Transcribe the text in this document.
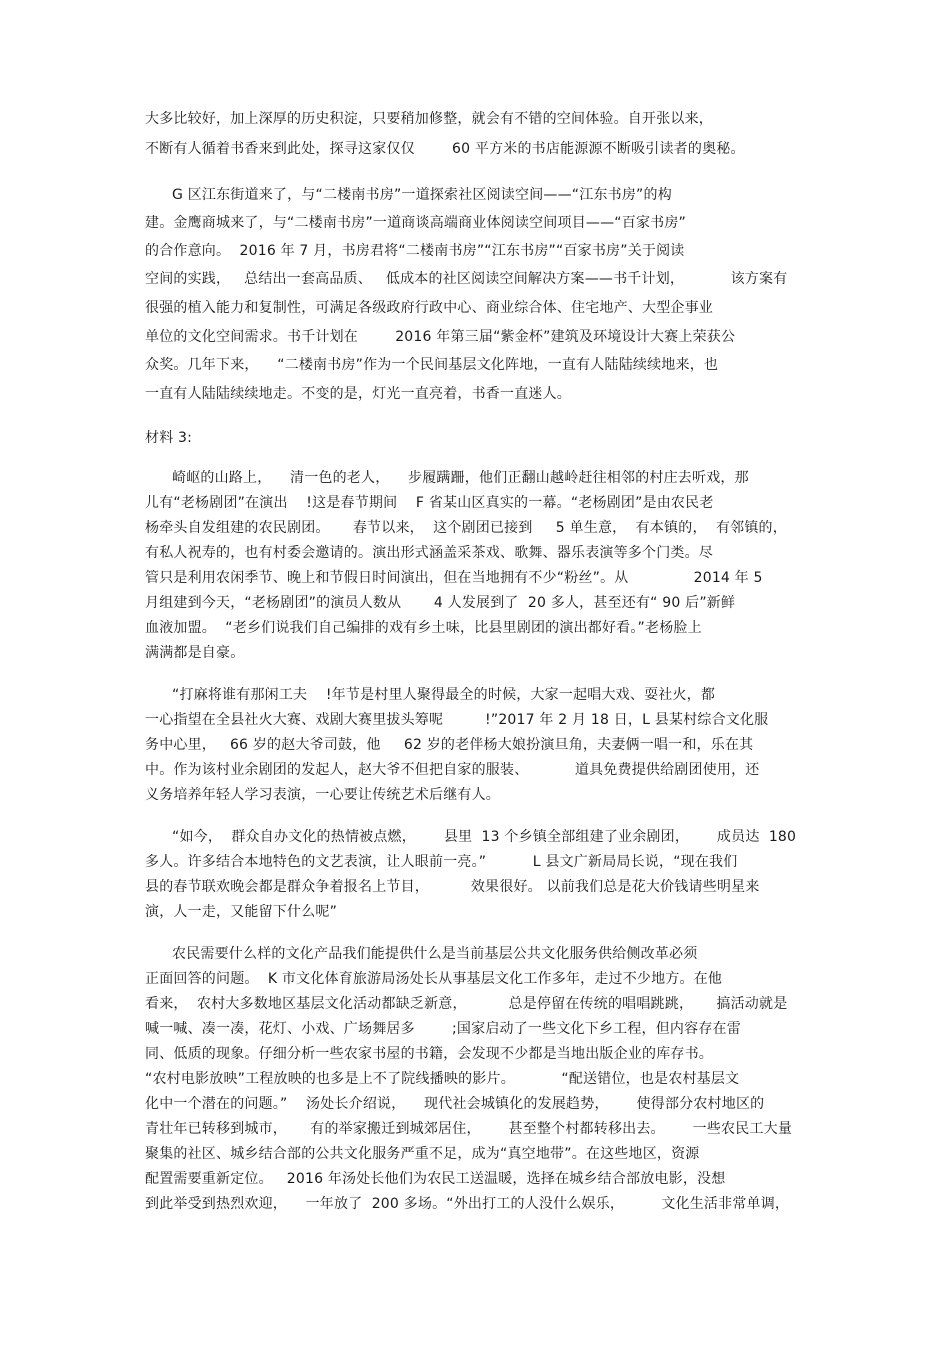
大多比较好，加上深厚的历史积淀，只要稍加修整，就会有不错的空间体验。自开张以来，
不断有人循着书香来到此处，探寻这家仅仅        60 平方米的书店能源源不断吸引读者的奥秘。
G 区江东街道来了，与“二楼南书房”一道探索社区阅读空间——“江东书房”的构
建。金鹰商城来了，与“二楼南书房”一道商谈高端商业体阅读空间项目——“百家书房”
的合作意向。  2016 年 7 月，书房君将“二楼南书房”“江东书房”“百家书房”关于阅读
空间的实践，   总结出一套高品质、   低成本的社区阅读空间解决方案——书千计划，          该方案有
很强的植入能力和复制性，可满足各级政府行政中心、商业综合体、住宅地产、大型企事业
单位的文化空间需求。书千计划在        2016 年第三届“紫金杯”建筑及环境设计大赛上荣获公
众奖。几年下来，    “二楼南书房”作为一个民间基层文化阵地，一直有人陆陆续续地来，也
一直有人陆陆续续地走。不变的是，灯光一直亮着，书香一直迷人。
材料 3:
崎岖的山路上，    清一色的老人，    步履蹒跚，他们正翻山越岭赶往相邻的村庄去听戏，那
儿有“老杨剧团”在演出    !这是春节期间    F 省某山区真实的一幕。“老杨剧团”是由农民老
杨牵头自发组建的农民剧团。     春节以来，  这个剧团已接到     5 单生意，  有本镇的，  有邻镇的，
有私人祝寿的，也有村委会邀请的。演出形式涵盖采茶戏、歌舞、器乐表演等多个门类。尽
管只是利用农闲季节、晚上和节假日时间演出，但在当地拥有不少“粉丝”。从              2014 年 5
月组建到今天，“老杨剧团”的演员人数从       4 人发展到了  20 多人，甚至还有“ 90 后”新鲜
血液加盟。  “老乡们说我们自己编排的戏有乡土味，比县里剧团的演出都好看。”老杨脸上
满满都是自豪。
“打麻将谁有那闲工夫    !年节是村里人聚得最全的时候，大家一起唱大戏、耍社火，都
一心指望在全县社火大赛、戏剧大赛里拔头筹呢         !”2017 年 2 月 18 日，L 县某村综合文化服
务中心里，   66 岁的赵大爷司鼓，他     62 岁的老伴杨大娘扮演旦角，夫妻俩一唱一和，乐在其
中。作为该村业余剧团的发起人，赵大爷不但把自家的服装、          道具免费提供给剧团使用，还
义务培养年轻人学习表演，一心要让传统艺术后继有人。
“如今，  群众自办文化的热情被点燃，      县里  13 个乡镇全部组建了业余剧团，      成员达  180
多人。许多结合本地特色的文艺表演，让人眼前一亮。”          L 县文广新局局长说，“现在我们
县的春节联欢晚会都是群众争着报名上节目，         效果很好。 以前我们总是花大价钱请些明星来
演，人一走，又能留下什么呢”
农民需要什么样的文化产品我们能提供什么是当前基层公共文化服务供给侧改革必须
正面回答的问题。  K 市文化体育旅游局汤处长从事基层文化工作多年，走过不少地方。在他
看来，  农村大多数地区基层文化活动都缺乏新意，         总是停留在传统的唱唱跳跳，     搞活动就是
喊一喊、凑一凑，花灯、小戏、广场舞居多        ;国家启动了一些文化下乡工程，但内容存在雷
同、低质的现象。仔细分析一些农家书屋的书籍，会发现不少都是当地出版企业的库存书。
“农村电影放映”工程放映的也多是上不了院线播映的影片。          “配送错位，也是农村基层文
化中一个潜在的问题。”    汤处长介绍说，    现代社会城镇化的发展趋势，      使得部分农村地区的
青壮年已转移到城市，     有的举家搬迁到城郊居住，      甚至整个村都转移出去。      一些农民工大量
聚集的社区、城乡结合部的公共文化服务严重不足，成为“真空地带”。在这些地区，资源
配置需要重新定位。   2016 年汤处长他们为农民工送温暖，选择在城乡结合部放电影，没想
到此举受到热烈欢迎，    一年放了  200 多场。“外出打工的人没什么娱乐，        文化生活非常单调，
